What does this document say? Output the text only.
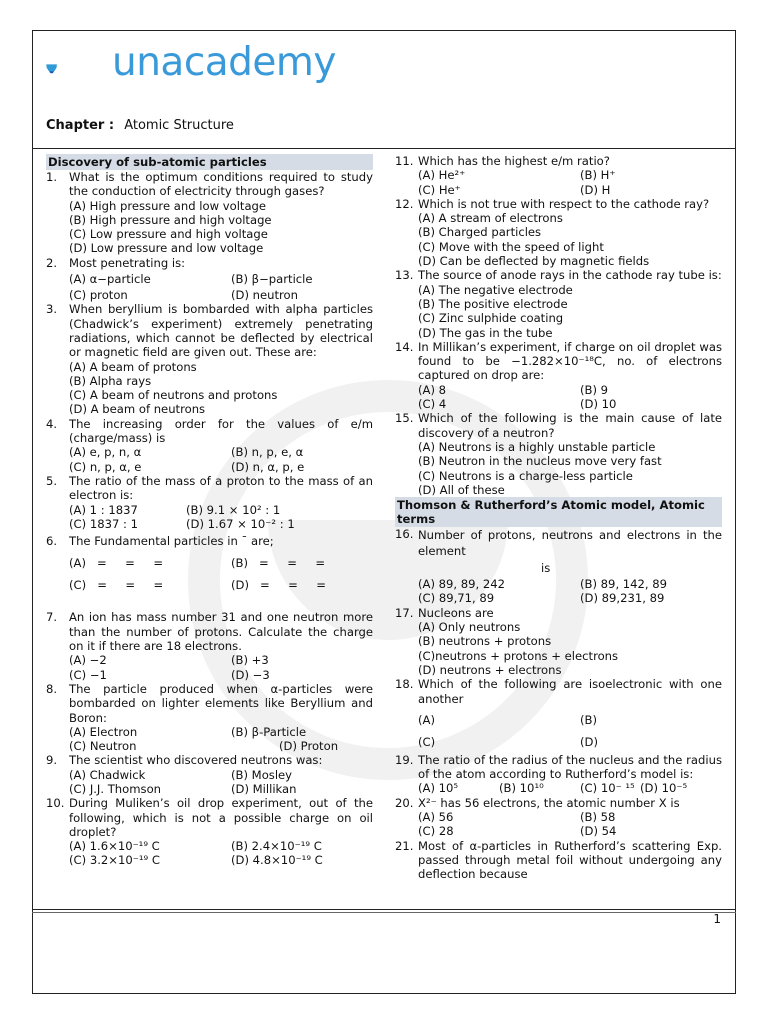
unacademy
Chapter : Atomic Structure
Discovery of sub-atomic particles
1. What is the optimum conditions required to study the conduction of electricity through gases?
(A) High pressure and low voltage
(B) High pressure and high voltage
(C) Low pressure and high voltage
(D) Low pressure and low voltage
2. Most penetrating is:
(A) α−particle	(B) β−particle
(C) proton	(D) neutron
3. When beryllium is bombarded with alpha particles (Chadwick’s experiment) extremely penetrating radiations, which cannot be deflected by electrical or magnetic field are given out. These are:
(A) A beam of protons
(B) Alpha rays
(C) A beam of neutrons and protons
(D) A beam of neutrons
4. The increasing order for the values of e/m (charge/mass) is
(A) e, p, n, α	(B) n, p, e, α
(C) n, p, α, e	(D) n, α, p, e
5. The ratio of the mass of a proton to the mass of an electron is:
(A) 1 : 1837	(B) 9.1 × 10² : 1
(C) 1837 : 1	(D) 1.67 × 10⁻² : 1
6. The Fundamental particles in ¯ are;
(A)   =     =     =	(B)   =     =     =
(C)   =     =     =	(D)   =     =     =
7. An ion has mass number 31 and one neutron more than the number of protons. Calculate the charge on it if there are 18 electrons.
(A) −2	(B) +3
(C) −1	(D) −3
8. The particle produced when α-particles were bombarded on lighter elements like Beryllium and Boron:
(A) Electron	(B) β-Particle
(C) Neutron	(D) Proton
9. The scientist who discovered neutrons was:
(A) Chadwick	(B) Mosley
(C) J.J. Thomson	(D) Millikan
10. During Muliken’s oil drop experiment, out of the following, which is not a possible charge on oil droplet?
(A) 1.6×10⁻¹⁹ C	(B) 2.4×10⁻¹⁹ C
(C) 3.2×10⁻¹⁹ C	(D) 4.8×10⁻¹⁹ C
11. Which has the highest e/m ratio?
(A) He²⁺	(B) H⁺
(C) He⁺	(D) H
12. Which is not true with respect to the cathode ray?
(A) A stream of electrons
(B) Charged particles
(C) Move with the speed of light
(D) Can be deflected by magnetic fields
13. The source of anode rays in the cathode ray tube is:
(A) The negative electrode
(B) The positive electrode
(C) Zinc sulphide coating
(D) The gas in the tube
14. In Millikan’s experiment, if charge on oil droplet was found to be −1.282×10⁻¹⁸C, no. of electrons captured on drop are:
(A) 8	(B) 9
(C) 4	(D) 10
15. Which of the following is the main cause of late discovery of a neutron?
(A) Neutrons is a highly unstable particle
(B) Neutron in the nucleus move very fast
(C) Neutrons is a charge-less particle
(D) All of these
Thomson & Rutherford’s Atomic model, Atomic terms
16. Number of protons, neutrons and electrons in the element
is
(A) 89, 89, 242	(B) 89, 142, 89
(C) 89,71, 89	(D) 89,231, 89
17. Nucleons are
(A) Only neutrons
(B) neutrons + protons
(C)neutrons + protons + electrons
(D) neutrons + electrons
18. Which of the following are isoelectronic with one another
(A)	(B)
(C)	(D)
19. The ratio of the radius of the nucleus and the radius of the atom according to Rutherford’s model is:
(A) 10⁵	(B) 10¹⁰	(C) 10⁻ ¹⁵ (D) 10⁻⁵
20. X²⁻ has 56 electrons, the atomic number X is
(A) 56	(B) 58
(C) 28	(D) 54
21. Most of α-particles in Rutherford’s scattering Exp. passed through metal foil without undergoing any deflection because
1
